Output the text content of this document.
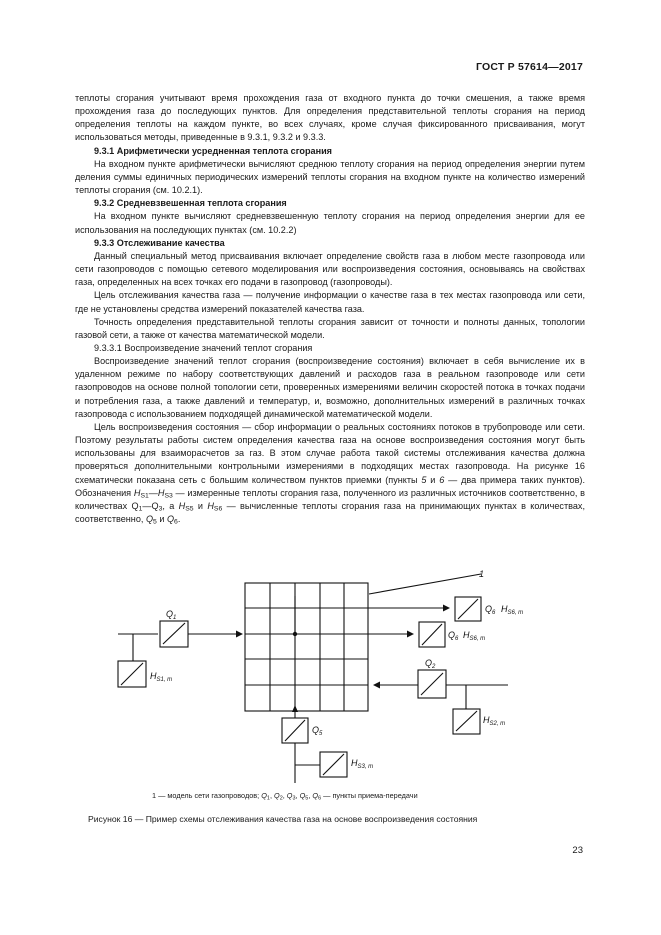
ГОСТ Р 57614—2017

теплоты сгорания учитывают время прохождения газа от входного пункта до точки смешения, а также время прохождения газа до последующих пунктов. Для определения представительной теплоты сгорания на период определения теплоты на каждом пункте, во всех случаях, кроме случая фиксированного присваивания, могут использоваться методы, приведенные в 9.3.1, 9.3.2 и 9.3.3.

9.3.1 Арифметически усредненная теплота сгорания

На входном пункте арифметически вычисляют среднюю теплоту сгорания на период определения энергии путем деления суммы единичных периодических измерений теплоты сгорания на входном пункте на количество измерений теплоты сгорания (см. 10.2.1).

9.3.2 Средневзвешенная теплота сгорания

На входном пункте вычисляют средневзвешенную теплоту сгорания на период определения энергии для ее использования на последующих пунктах (см. 10.2.2)

9.3.3 Отслеживание качества

Данный специальный метод присваивания включает определение свойств газа в любом месте газопровода или сети газопроводов с помощью сетевого моделирования или воспроизведения состояния, основываясь на свойствах газа, определенных на всех точках его подачи в газопровод (газопроводы).

Цель отслеживания качества газа — получение информации о качестве газа в тех местах газопровода или сети, где не установлены средства измерений показателей качества газа.

Точность определения представительной теплоты сгорания зависит от точности и полноты данных, топологии газовой сети, а также от качества математической модели.

9.3.3.1 Воспроизведение значений теплот сгорания

Воспроизведение значений теплот сгорания (воспроизведение состояния) включает в себя вычисление их в удаленном режиме по набору соответствующих давлений и расходов газа в реальном газопроводе или сети газопроводов на основе полной топологии сети, проверенных измерениями величин скоростей потока в точках подачи и потребления газа, а также давлений и температур, и, возможно, дополнительных измерений в различных точках газопровода с использованием подходящей динамической математической модели.

Цель воспроизведения состояния — сбор информации о реальных состояниях потоков в трубопроводе или сети. Поэтому результаты работы систем определения качества газа на основе воспроизведения состояния могут быть использованы для взаиморасчетов за газ. В этом случае работа такой системы отслеживания качества должна проверяться дополнительными контрольными измерениями в подходящих местах газопровода. На рисунке 16 схематически показана сеть с большим количеством пунктов приемки (пункты 5 и 6 — два примера таких пунктов). Обозначения $H_{S1}—H_{S3}$ — измеренные теплоты сгорания газа, полученного из различных источников соответственно, в количествах $Q_1—Q_3$, а $H_{S5}$ и $H_{S6}$ — вычисленные теплоты сгорания газа на принимающих пунктах в количествах, соответственно, $Q_5$ и $Q_6$.

1
$Q_1$
$H_{S1, m}$
$Q_6$ $H_{S6, m}$
$Q_6$ $H_{S6, m}$
$Q_2$
$H_{S2, m}$
$Q_5$
$H_{S3, m}$
1 — модель сети газопроводов; $Q_1$, $Q_2$, $Q_3$, $Q_5$, $Q_6$ — пункты приема-передачи
Рисунок 16 — Пример схемы отслеживания качества газа на основе воспроизведения состояния
23
